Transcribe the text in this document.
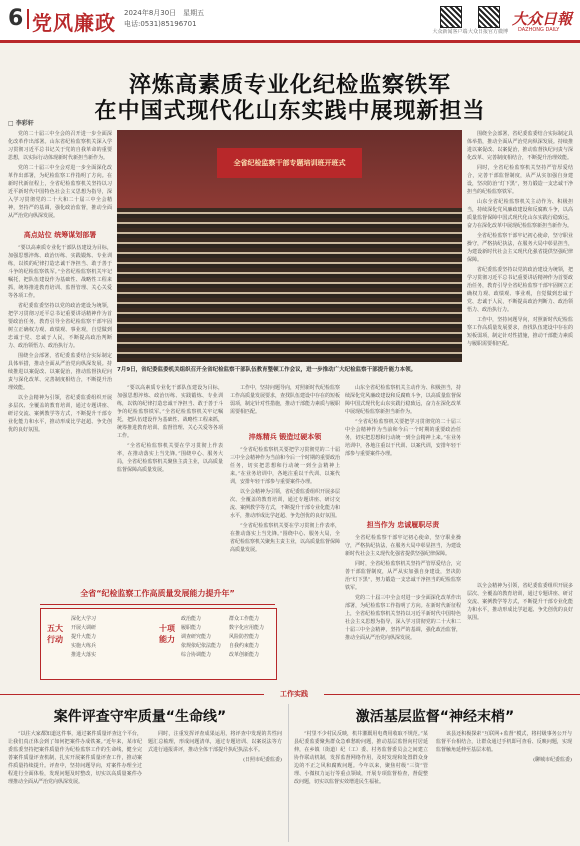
6 党风廉政 2024年8月30日　星期五
电话:0531)85196701
大众新闻客户端 大众日报官方微博
大众日報
DAZHONG DAILY
淬炼高素质专业化纪检监察铁军
在中国式现代化山东实践中展现新担当
□ 李彩轩

党的二十届三中全会的召开进一步全面深化改革作出部署。山东省纪检监察机关深入学习贯彻习近平总书记关于党的自我革命的重要思想，以实际行动体现新时代新担当新作为。

党的二十届三中全会对进一步全面深化改革作出部署，为纪检监察工作指明了方向。在新时代新征程上，全省纪检监察机关坚持以习近平新时代中国特色社会主义思想为指导，深入学习贯彻党的二十大和二十届三中全会精神，坚持严的基调，强化政治监督，推动全面从严治党向纵深发展。

高点站位 统筹谋划部署

“要以高素质专业化干部队伍建设为目标，加强思想淬炼、政治历练、实践锻炼、专业训练，以铁的纪律打造忠诚干净担当、敢于善于斗争的纪检监察铁军。”全省纪检监察机关牢记嘱托，把队伍建设作为基础性、战略性工程来抓，统筹推进教育培训、监督管理、关心关爱等各项工作。

省纪委监委坚持以党的政治建设为统领，把学习贯彻习近平总书记重要讲话精神作为首要政治任务，教育引导全省纪检监察干部牢固树立正确权力观、政绩观、事业观，自觉做到忠诚于党、忠诚于人民，不断提高政治判断力、政治领悟力、政治执行力。

围绕全会部署，省纪委监委结合实际制定具体举措，推动全面从严治党向纵深发展。持续推进以案促改、以案促治，推动监督执纪问责与深化改革、完善制度相结合，不断提升治理效能。

以全会精神为引领，省纪委监委组织开展多层次、全覆盖的教育培训，通过专题讲座、研讨交流、案例教学等方式，不断提升干部专业化能力和水平，推动形成比学赶超、争先创优的良好氛围。

全省纪检监察干部专题培训班开班式
7月9日，省纪委监委机关组织召开全省纪检监察干部队伍教育整顿工作会议，进一步推动广大纪检监察干部提升能力本领。

围绕全会部署，省纪委监委结合实际制定具体举措，推动全面从严治党向纵深发展。持续推进以案促改、以案促治，推动监督执纪问责与深化改革、完善制度相结合，不断提升治理效能。

同时，全省纪检监察机关坚持严管厚爱结合，完善干部监督制度，从严从实加强自身建设，坚决防治“灯下黑”，努力锻造一支忠诚干净担当的纪检监察铁军。

山东全省纪检监察机关主动作为、积极担当，持续深化党风廉政建设和反腐败斗争，以高质量监督保障中国式现代化山东实践行稳致远，奋力在深化改革中展现纪检监察新担当新作为。

全省纪检监察干部牢记初心使命，坚守职业操守，严格执纪执法，在服务大局中彰显担当，为建设新时代社会主义现代化强省提供坚强纪律保障。

省纪委监委坚持以党的政治建设为统领，把学习贯彻习近平总书记重要讲话精神作为首要政治任务，教育引导全省纪检监察干部牢固树立正确权力观、政绩观、事业观，自觉做到忠诚于党、忠诚于人民，不断提高政治判断力、政治领悟力、政治执行力。

工作中，坚持问题导向，对照新时代纪检监察工作高质量发展要求，查找队伍建设中存在的短板弱项，制定针对性措施，推动干部能力素质与履职需要相匹配。

“要以高素质专业化干部队伍建设为目标，加强思想淬炼、政治历练、实践锻炼、专业训练，以铁的纪律打造忠诚干净担当、敢于善于斗争的纪检监察铁军。”全省纪检监察机关牢记嘱托，把队伍建设作为基础性、战略性工程来抓，统筹推进教育培训、监督管理、关心关爱等各项工作。

“全省纪检监察机关要在学习贯彻上作表率，在推动落实上当先锋。”围绕中心、服务大局，全省纪检监察机关聚焦主责主业，以高质量监督保障高质量发展。

工作中，坚持问题导向，对照新时代纪检监察工作高质量发展要求，查找队伍建设中存在的短板弱项，制定针对性措施，推动干部能力素质与履职需要相匹配。

淬炼精兵 锻造过硬本领

“全省纪检监察机关要把学习贯彻党的二十届三中全会精神作为当前和今后一个时期的重要政治任务，切实把思想和行动统一到全会精神上来。”在业务培训中，各地注重以干代训、以案代训，安排年轻干部参与重要案件办理。

以全会精神为引领，省纪委监委组织开展多层次、全覆盖的教育培训，通过专题讲座、研讨交流、案例教学等方式，不断提升干部专业化能力和水平，推动形成比学赶超、争先创优的良好氛围。

“全省纪检监察机关要在学习贯彻上作表率，在推动落实上当先锋。”围绕中心、服务大局，全省纪检监察机关聚焦主责主业，以高质量监督保障高质量发展。

山东全省纪检监察机关主动作为、积极担当，持续深化党风廉政建设和反腐败斗争，以高质量监督保障中国式现代化山东实践行稳致远，奋力在深化改革中展现纪检监察新担当新作为。

“全省纪检监察机关要把学习贯彻党的二十届三中全会精神作为当前和今后一个时期的重要政治任务，切实把思想和行动统一到全会精神上来。”在业务培训中，各地注重以干代训、以案代训，安排年轻干部参与重要案件办理。

担当作为 忠诚履职尽责

全省纪检监察干部牢记初心使命，坚守职业操守，严格执纪执法，在服务大局中彰显担当，为建设新时代社会主义现代化强省提供坚强纪律保障。

同时，全省纪检监察机关坚持严管厚爱结合，完善干部监督制度，从严从实加强自身建设，坚决防治“灯下黑”，努力锻造一支忠诚干净担当的纪检监察铁军。

党的二十届三中全会对进一步全面深化改革作出部署，为纪检监察工作指明了方向。在新时代新征程上，全省纪检监察机关坚持以习近平新时代中国特色社会主义思想为指导，深入学习贯彻党的二十大和二十届三中全会精神，坚持严的基调，强化政治监督，推动全面从严治党向纵深发展。

以全会精神为引领，省纪委监委组织开展多层次、全覆盖的教育培训，通过专题讲座、研讨交流、案例教学等方式，不断提升干部专业化能力和水平，推动形成比学赶超、争先创优的良好氛围。

全省“纪检监察工作高质量发展能力提升年”
五大行动
深化大学习
开展大调研
提升大能力
实施大练兵
推进大落实
十项能力
政治能力
履职能力
调查研究能力
依规依纪依法能力
综合协调能力
群众工作能力
数字化应用能力
风险防控能力
自我约束能力
改革创新能力
工作实践
案件评查守牢质量“生命线”	激活基层监督“神经末梢”

“以往大家都知道这件事，通过案件质量评查这个平台，让我们真正体会到了如何把案件办成铁案。”近年来，某市纪委监委坚持把案件质量作为纪检监察工作的生命线，健全完善案件质量评查机制，扎实开展案件质量评查工作，推动案件质量持续提升。评查中，坚持问题导向，对案件办理全过程进行全面体检，发现问题及时整改，切实以高质量案件办理推动全面从严治党向纵深发展。

同时，注重发挥评查成果运用，将评查中发现的共性问题汇总梳理，形成问题清单，通过专题培训、以案说法等方式进行通报讲评，推动全体干部提升执纪执法水平。

(日照市纪委监委)

“村里不少村民反映，机井灌溉用电费用收取不规范。”某县纪委监委聚焦群众急难愁盼问题，推动基层监督向村居延伸，在乡镇（街道）纪（工）委、村务监督委员会之间建立协作联动机制，发挥监督网络作用，及时发现和处置群众身边的不正之风和腐败问题。今年以来，聚焦村级“三资”管理、小微权力运行等重点领域，开展专项监督检查，督促整改问题，切实以监督实效增进民生福祉。

该县还积极探索“互联网+监督”模式，将村级事务公开与监督平台相结合，让群众通过手机即可查看、反映问题，实现监督触角延伸至基层末梢。

(聊城市纪委监委)
